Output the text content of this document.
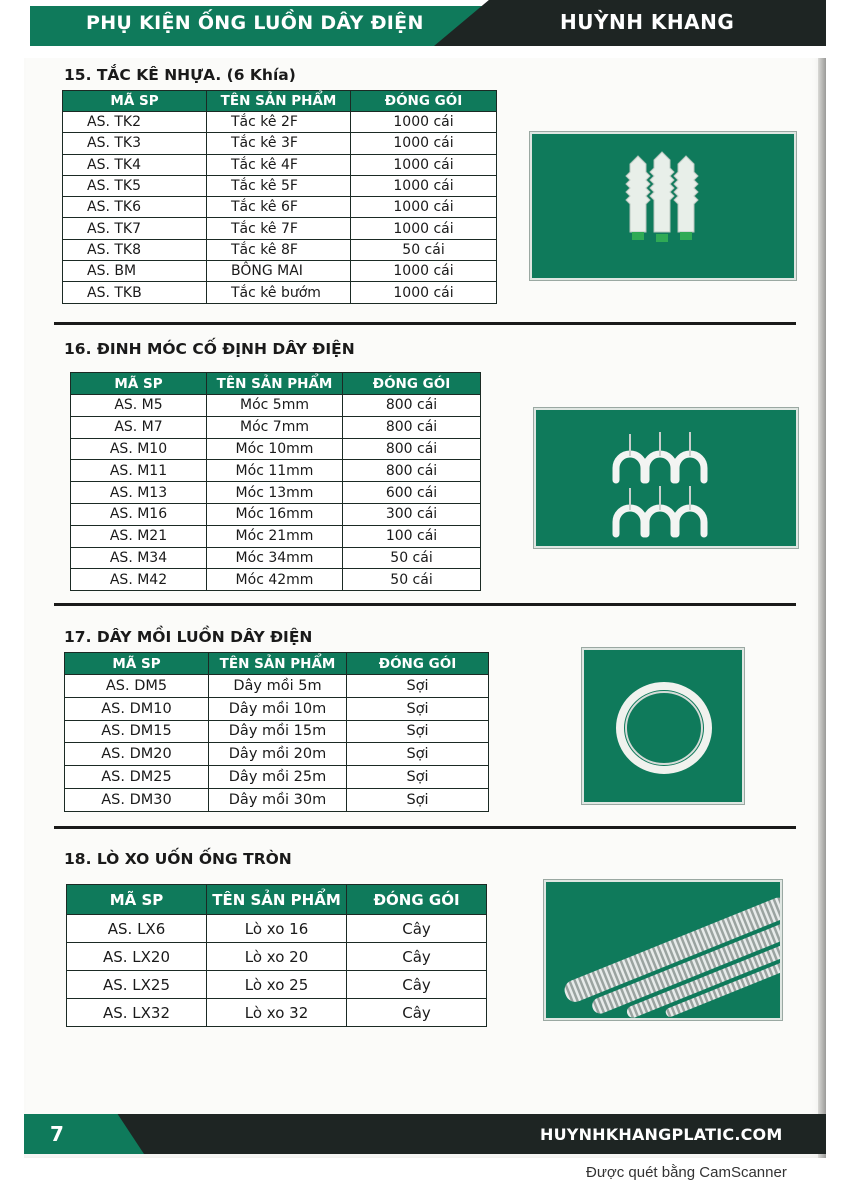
PHỤ KIỆN ỐNG LUỒN DÂY ĐIỆN	HUỲNH KHANG
15. TẮC KÊ NHỰA. (6 Khía)
MÃ SP	TÊN SẢN PHẨM	ĐÓNG GÓI
AS. TK2	Tắc kê 2F	1000 cái
AS. TK3	Tắc kê 3F	1000 cái
AS. TK4	Tắc kê 4F	1000 cái
AS. TK5	Tắc kê 5F	1000 cái
AS. TK6	Tắc kê 6F	1000 cái
AS. TK7	Tắc kê 7F	1000 cái
AS. TK8	Tắc kê 8F	50 cái
AS. BM	BÔNG MAI	1000 cái
AS. TKB	Tắc kê bướm	1000 cái
16. ĐINH MÓC CỐ ĐỊNH DÂY ĐIỆN
MÃ SP	TÊN SẢN PHẨM	ĐÓNG GÓI
AS. M5	Móc 5mm	800 cái
AS. M7	Móc 7mm	800 cái
AS. M10	Móc 10mm	800 cái
AS. M11	Móc 11mm	800 cái
AS. M13	Móc 13mm	600 cái
AS. M16	Móc 16mm	300 cái
AS. M21	Móc 21mm	100 cái
AS. M34	Móc 34mm	50 cái
AS. M42	Móc 42mm	50 cái
17. DÂY MỒI LUỒN DÂY ĐIỆN
MÃ SP	TÊN SẢN PHẨM	ĐÓNG GÓI
AS. DM5	Dây mồi 5m	Sợi
AS. DM10	Dây mồi 10m	Sợi
AS. DM15	Dây mồi 15m	Sợi
AS. DM20	Dây mồi 20m	Sợi
AS. DM25	Dây mồi 25m	Sợi
AS. DM30	Dây mồi 30m	Sợi
18. LÒ XO UỐN ỐNG TRÒN
MÃ SP	TÊN SẢN PHẨM	ĐÓNG GÓI
AS. LX6	Lò xo 16	Cây
AS. LX20	Lò xo 20	Cây
AS. LX25	Lò xo 25	Cây
AS. LX32	Lò xo 32	Cây
7	HUYNHKHANGPLATIC.COM
Được quét bằng CamScanner
